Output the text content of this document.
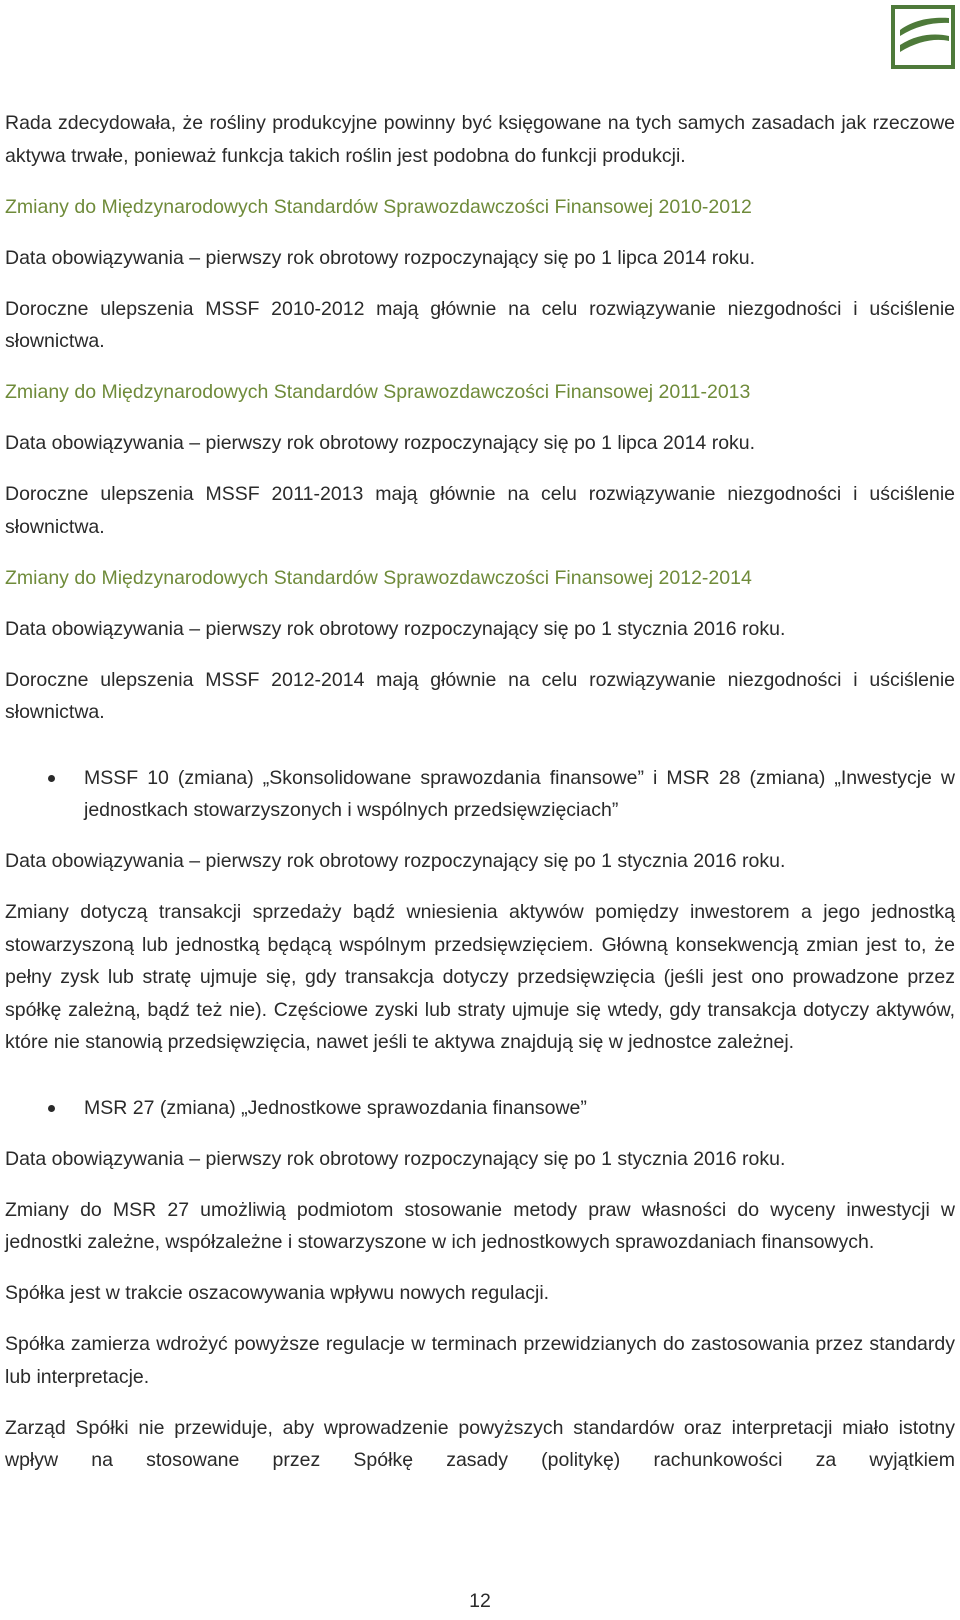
Rada zdecydowała, że rośliny produkcyjne powinny być księgowane na tych samych zasadach jak rzeczowe aktywa trwałe, ponieważ funkcja takich roślin jest podobna do funkcji produkcji.

Zmiany do Międzynarodowych Standardów Sprawozdawczości Finansowej 2010-2012

Data obowiązywania – pierwszy rok obrotowy rozpoczynający się po 1 lipca 2014 roku.

Doroczne ulepszenia MSSF 2010-2012 mają głównie na celu rozwiązywanie niezgodności i uściślenie słownictwa.

Zmiany do Międzynarodowych Standardów Sprawozdawczości Finansowej 2011-2013

Data obowiązywania – pierwszy rok obrotowy rozpoczynający się po 1 lipca 2014 roku.

Doroczne ulepszenia MSSF 2011-2013 mają głównie na celu rozwiązywanie niezgodności i uściślenie słownictwa.

Zmiany do Międzynarodowych Standardów Sprawozdawczości Finansowej 2012-2014

Data obowiązywania – pierwszy rok obrotowy rozpoczynający się po 1 stycznia 2016 roku.

Doroczne ulepszenia MSSF 2012-2014 mają głównie na celu rozwiązywanie niezgodności i uściślenie słownictwa.

MSSF 10 (zmiana) „Skonsolidowane sprawozdania finansowe” i MSR 28 (zmiana) „Inwestycje w jednostkach stowarzyszonych i wspólnych przedsięwzięciach”

Data obowiązywania – pierwszy rok obrotowy rozpoczynający się po 1 stycznia 2016 roku.

Zmiany dotyczą transakcji sprzedaży bądź wniesienia aktywów pomiędzy inwestorem a jego jednostką stowarzyszoną lub jednostką będącą wspólnym przedsięwzięciem. Główną konsekwencją zmian jest to, że pełny zysk lub stratę ujmuje się, gdy transakcja dotyczy przedsięwzięcia (jeśli jest ono prowadzone przez spółkę zależną, bądź też nie). Częściowe zyski lub straty ujmuje się wtedy, gdy transakcja dotyczy aktywów, które nie stanowią przedsięwzięcia, nawet jeśli te aktywa znajdują się w jednostce zależnej.

MSR 27 (zmiana) „Jednostkowe sprawozdania finansowe”

Data obowiązywania – pierwszy rok obrotowy rozpoczynający się po 1 stycznia 2016 roku.

Zmiany do MSR 27 umożliwią podmiotom stosowanie metody praw własności do wyceny inwestycji w jednostki zależne, współzależne i stowarzyszone w ich jednostkowych sprawozdaniach finansowych.

Spółka jest w trakcie oszacowywania wpływu nowych regulacji.

Spółka zamierza wdrożyć powyższe regulacje w terminach przewidzianych do zastosowania przez standardy lub interpretacje.

Zarząd Spółki nie przewiduje, aby wprowadzenie powyższych standardów oraz interpretacji miało istotny wpływ na stosowane przez Spółkę zasady (politykę) rachunkowości za wyjątkiem

12
